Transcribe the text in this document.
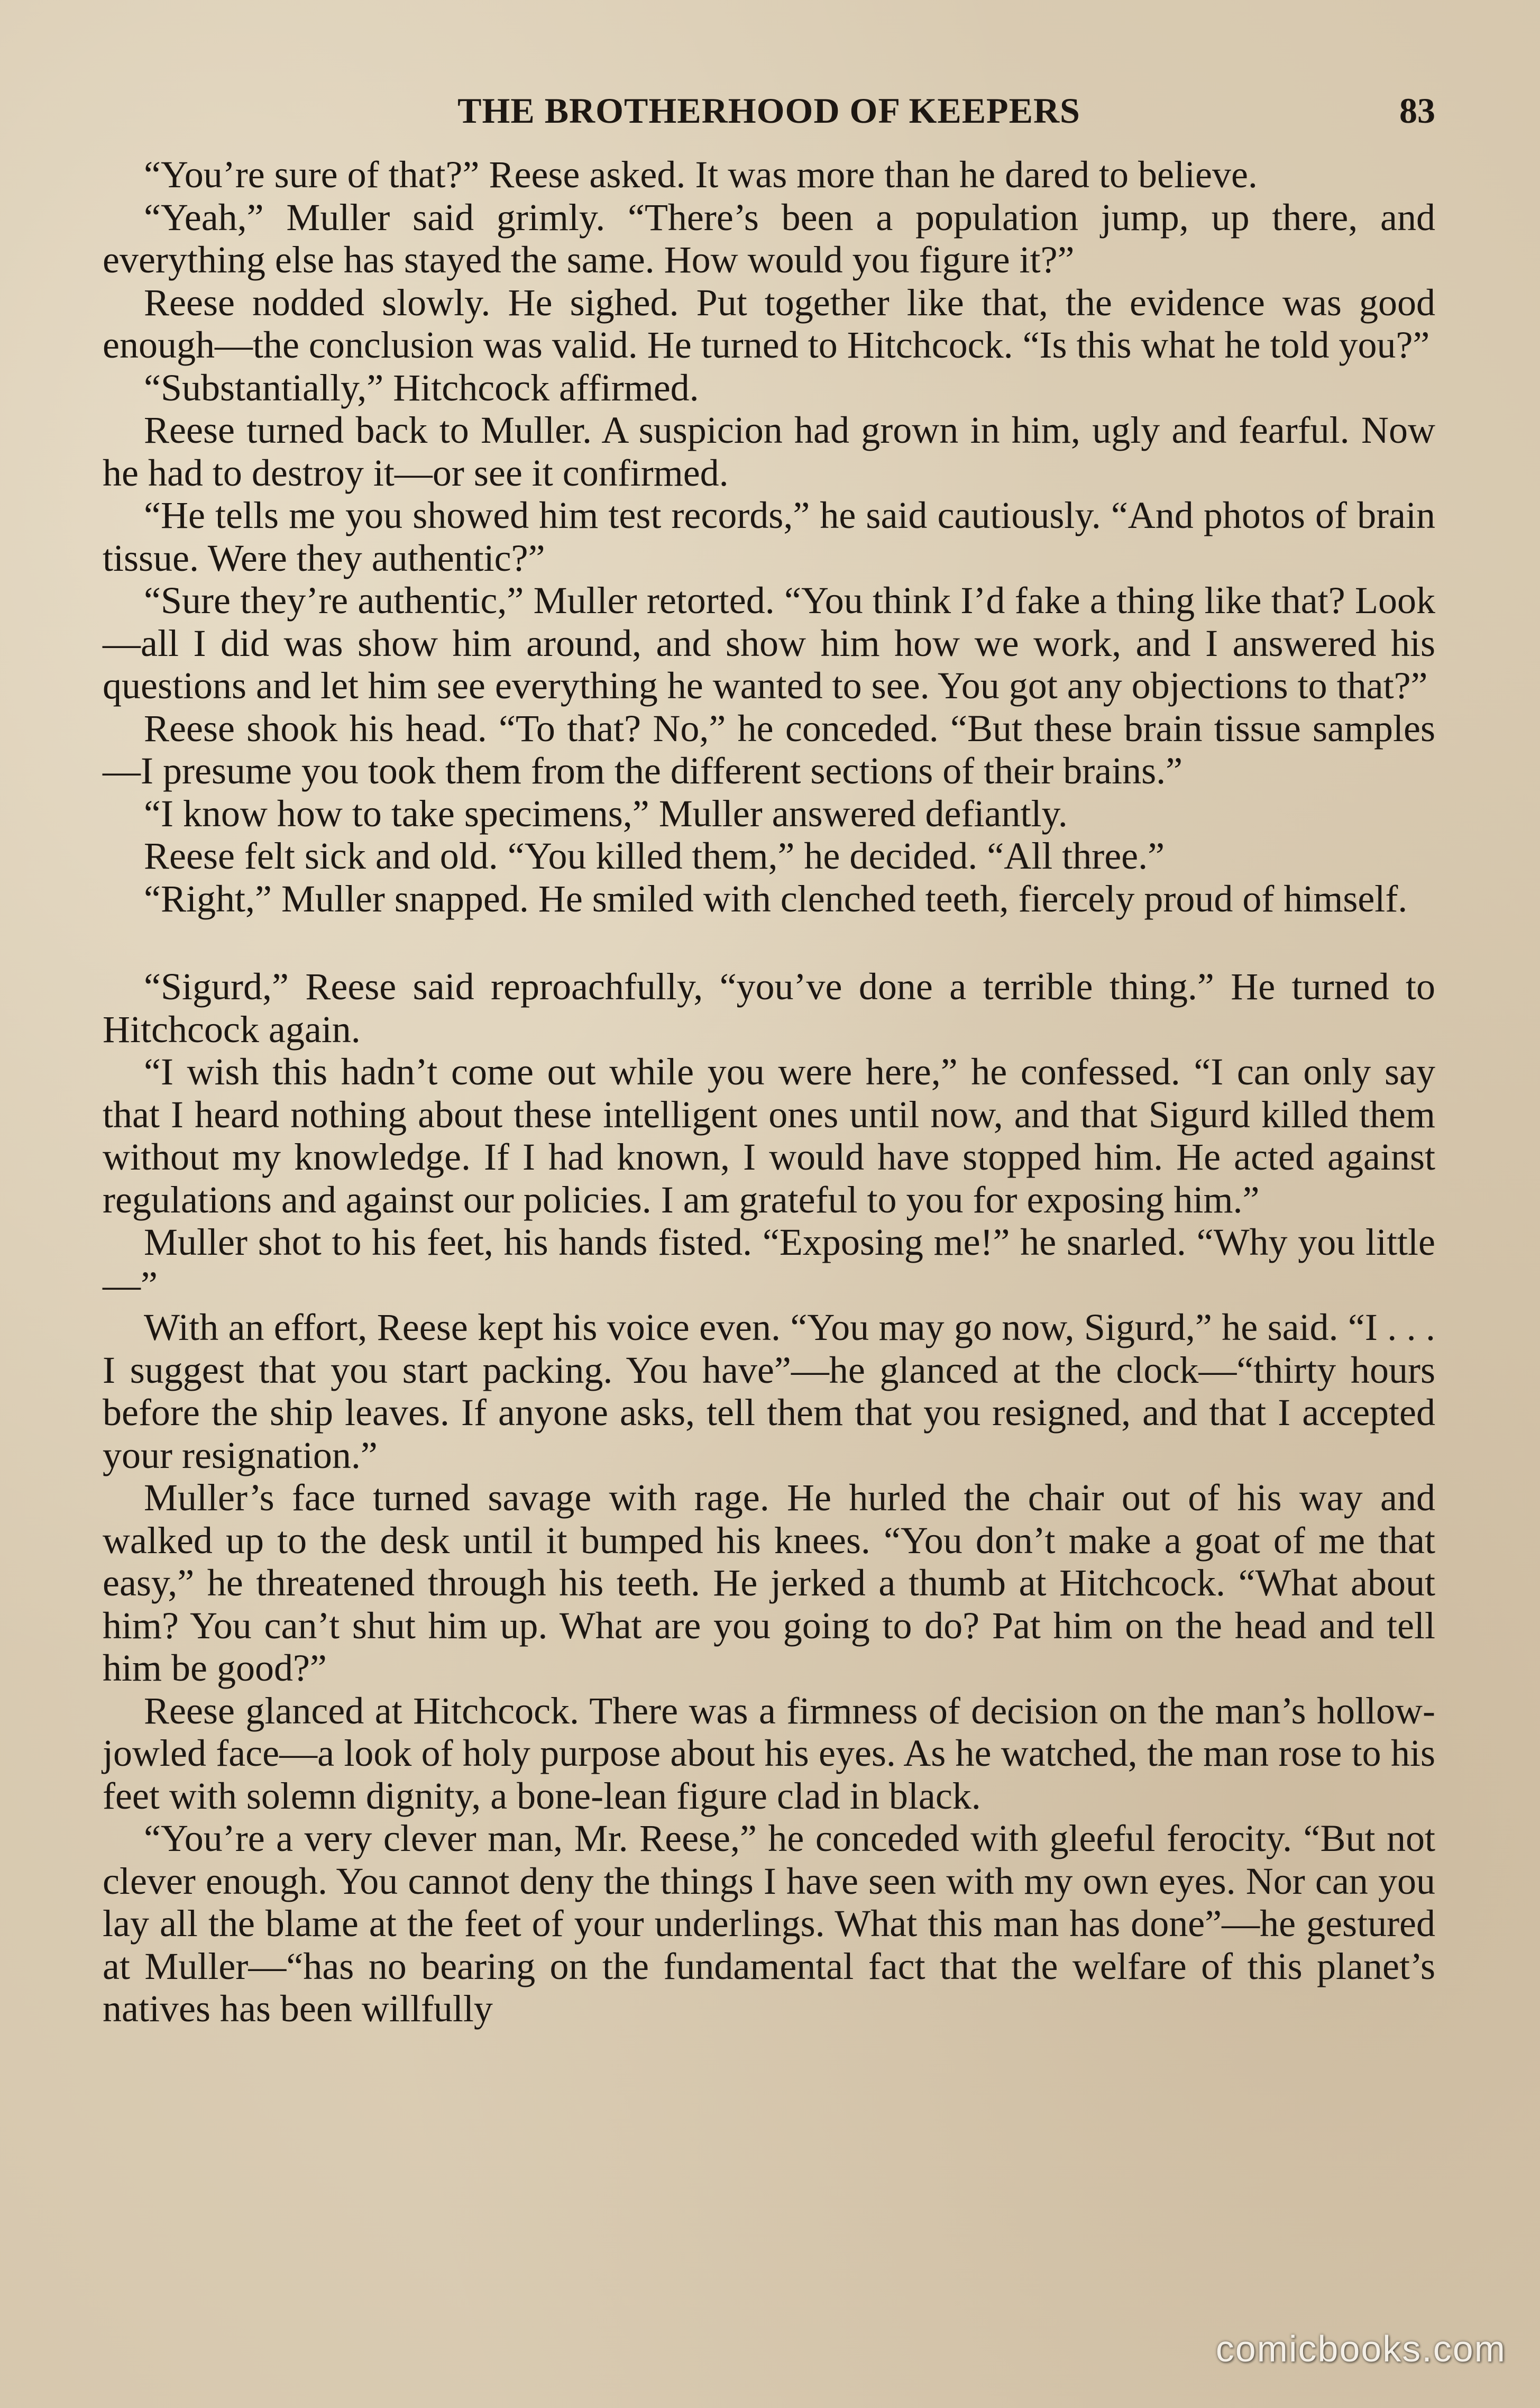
THE BROTHERHOOD OF KEEPERS	83

“You’re sure of that?” Reese asked. It was more than he dared to believe.

“Yeah,” Muller said grimly. “There’s been a population jump, up there, and everything else has stayed the same. How would you figure it?”

Reese nodded slowly. He sighed. Put together like that, the evidence was good enough—the conclusion was valid. He turned to Hitchcock. “Is this what he told you?”

“Substantially,” Hitchcock affirmed.

Reese turned back to Muller. A suspicion had grown in him, ugly and fearful. Now he had to destroy it—or see it confirmed.

“He tells me you showed him test records,” he said cautiously. “And photos of brain tissue. Were they authentic?”

“Sure they’re authentic,” Muller retorted. “You think I’d fake a thing like that? Look—all I did was show him around, and show him how we work, and I answered his questions and let him see everything he wanted to see. You got any objections to that?”

Reese shook his head. “To that? No,” he conceded. “But these brain tissue samples—I presume you took them from the different sections of their brains.”

“I know how to take specimens,” Muller answered defiantly.

Reese felt sick and old. “You killed them,” he decided. “All three.”

“Right,” Muller snapped. He smiled with clenched teeth, fiercely proud of himself.

“Sigurd,” Reese said reproachfully, “you’ve done a terrible thing.” He turned to Hitchcock again.

“I wish this hadn’t come out while you were here,” he confessed. “I can only say that I heard nothing about these intelligent ones until now, and that Sigurd killed them without my knowledge. If I had known, I would have stopped him. He acted against regulations and against our policies. I am grateful to you for exposing him.”

Muller shot to his feet, his hands fisted. “Exposing me!” he snarled. “Why you little—”

With an effort, Reese kept his voice even. “You may go now, Sigurd,” he said. “I . . . I suggest that you start packing. You have”—he glanced at the clock—“thirty hours before the ship leaves. If anyone asks, tell them that you resigned, and that I accepted your resignation.”

Muller’s face turned savage with rage. He hurled the chair out of his way and walked up to the desk until it bumped his knees. “You don’t make a goat of me that easy,” he threatened through his teeth. He jerked a thumb at Hitchcock. “What about him? You can’t shut him up. What are you going to do? Pat him on the head and tell him be good?”

Reese glanced at Hitchcock. There was a firmness of decision on the man’s hollow-jowled face—a look of holy purpose about his eyes. As he watched, the man rose to his feet with solemn dignity, a bone-lean figure clad in black.

“You’re a very clever man, Mr. Reese,” he conceded with gleeful ferocity. “But not clever enough. You cannot deny the things I have seen with my own eyes. Nor can you lay all the blame at the feet of your underlings. What this man has done”—he gestured at Muller—“has no bearing on the fundamental fact that the welfare of this planet’s natives has been willfully

comicbooks.com
